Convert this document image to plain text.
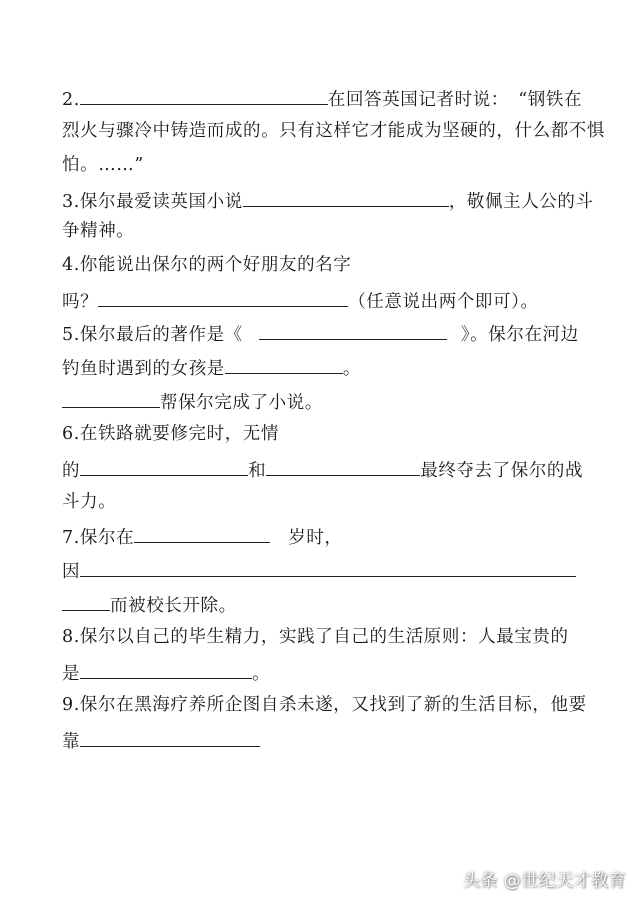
2.	在回答英国记者时说：　“钢铁在
烈火与骤冷中铸造而成的。只有这样它才能成为坚硬的，什么都不惧
怕。……”
3.保尔最爱读英国小说	，敬佩主人公的斗
争精神。
4.你能说出保尔的两个好朋友的名字
吗？	（任意说出两个即可）。
5.保尔最后的著作是《	》。保尔在河边
钓鱼时遇到的女孩是	。
帮保尔完成了小说。
6.在铁路就要修完时，无情
的	和	最终夺去了保尔的战
斗力。
7.保尔在	岁时，
因
而被校长开除。
8.保尔以自己的毕生精力，实践了自己的生活原则：人最宝贵的
是	。
9.保尔在黑海疗养所企图自杀未遂，又找到了新的生活目标，他要
靠
头条 @世纪天才教育
